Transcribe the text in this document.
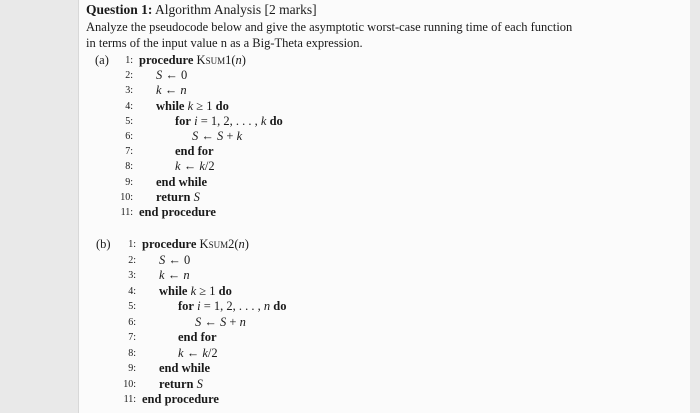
Question 1: Algorithm Analysis [2 marks]
Analyze the pseudocode below and give the asymptotic worst-case running time of each function
in terms of the input value n as a Big-Theta expression.
(a)	1: procedure Ksum1(n)
2: S ← 0
3: k ← n
4: while k ≥ 1 do
5:	for i = 1, 2, . . . , k do
6:	S ← S + k
7:	end for
8:	k ← k/2
9: end while
10: return S
11: end procedure
(b)	1: procedure Ksum2(n)
2: S ← 0
3: k ← n
4: while k ≥ 1 do
5:	for i = 1, 2, . . . , n do
6:	S ← S + n
7:	end for
8:	k ← k/2
9: end while
10: return S
11: end procedure
